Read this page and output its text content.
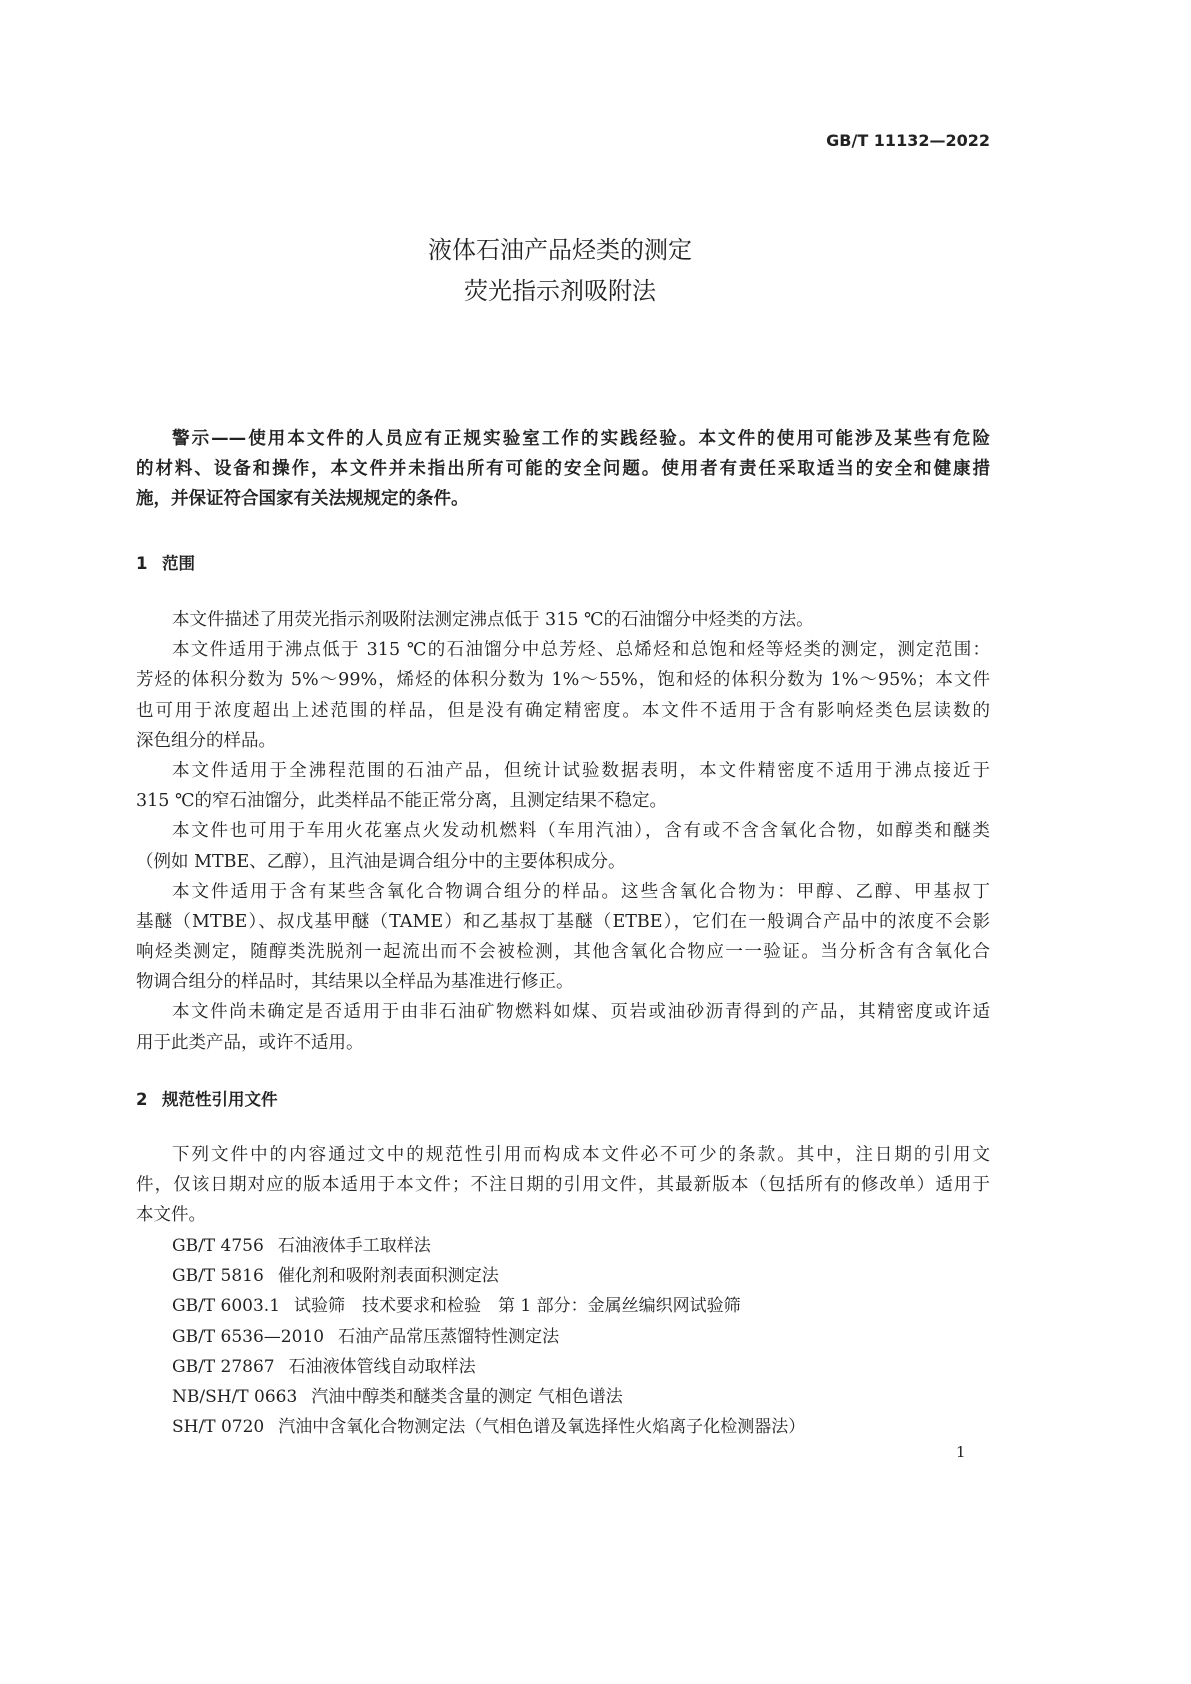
GB/T 11132—2022
液体石油产品烃类的测定
荧光指示剂吸附法
警示——使用本文件的人员应有正规实验室工作的实践经验。本文件的使用可能涉及某些有危险
的材料、设备和操作，本文件并未指出所有可能的安全问题。使用者有责任采取适当的安全和健康措
施，并保证符合国家有关法规规定的条件。
1 范围
本文件描述了用荧光指示剂吸附法测定沸点低于 315 ℃的石油馏分中烃类的方法。
本文件适用于沸点低于 315 ℃的石油馏分中总芳烃、总烯烃和总饱和烃等烃类的测定，测定范围：
芳烃的体积分数为 5%～99%，烯烃的体积分数为 1%～55%，饱和烃的体积分数为 1%～95%；本文件
也可用于浓度超出上述范围的样品，但是没有确定精密度。本文件不适用于含有影响烃类色层读数的
深色组分的样品。
本文件适用于全沸程范围的石油产品，但统计试验数据表明，本文件精密度不适用于沸点接近于
315 ℃的窄石油馏分，此类样品不能正常分离，且测定结果不稳定。
本文件也可用于车用火花塞点火发动机燃料（车用汽油），含有或不含含氧化合物，如醇类和醚类
（例如 MTBE、乙醇），且汽油是调合组分中的主要体积成分。
本文件适用于含有某些含氧化合物调合组分的样品。这些含氧化合物为：甲醇、乙醇、甲基叔丁
基醚（MTBE）、叔戊基甲醚（TAME）和乙基叔丁基醚（ETBE），它们在一般调合产品中的浓度不会影
响烃类测定，随醇类洗脱剂一起流出而不会被检测，其他含氧化合物应一一验证。当分析含有含氧化合
物调合组分的样品时，其结果以全样品为基准进行修正。
本文件尚未确定是否适用于由非石油矿物燃料如煤、页岩或油砂沥青得到的产品，其精密度或许适
用于此类产品，或许不适用。
2 规范性引用文件
下列文件中的内容通过文中的规范性引用而构成本文件必不可少的条款。其中，注日期的引用文
件，仅该日期对应的版本适用于本文件；不注日期的引用文件，其最新版本（包括所有的修改单）适用于
本文件。
GB/T 4756 石油液体手工取样法
GB/T 5816 催化剂和吸附剂表面积测定法
GB/T 6003.1 试验筛　技术要求和检验　第 1 部分：金属丝编织网试验筛
GB/T 6536—2010 石油产品常压蒸馏特性测定法
GB/T 27867 石油液体管线自动取样法
NB/SH/T 0663 汽油中醇类和醚类含量的测定 气相色谱法
SH/T 0720 汽油中含氧化合物测定法（气相色谱及氧选择性火焰离子化检测器法）
1
